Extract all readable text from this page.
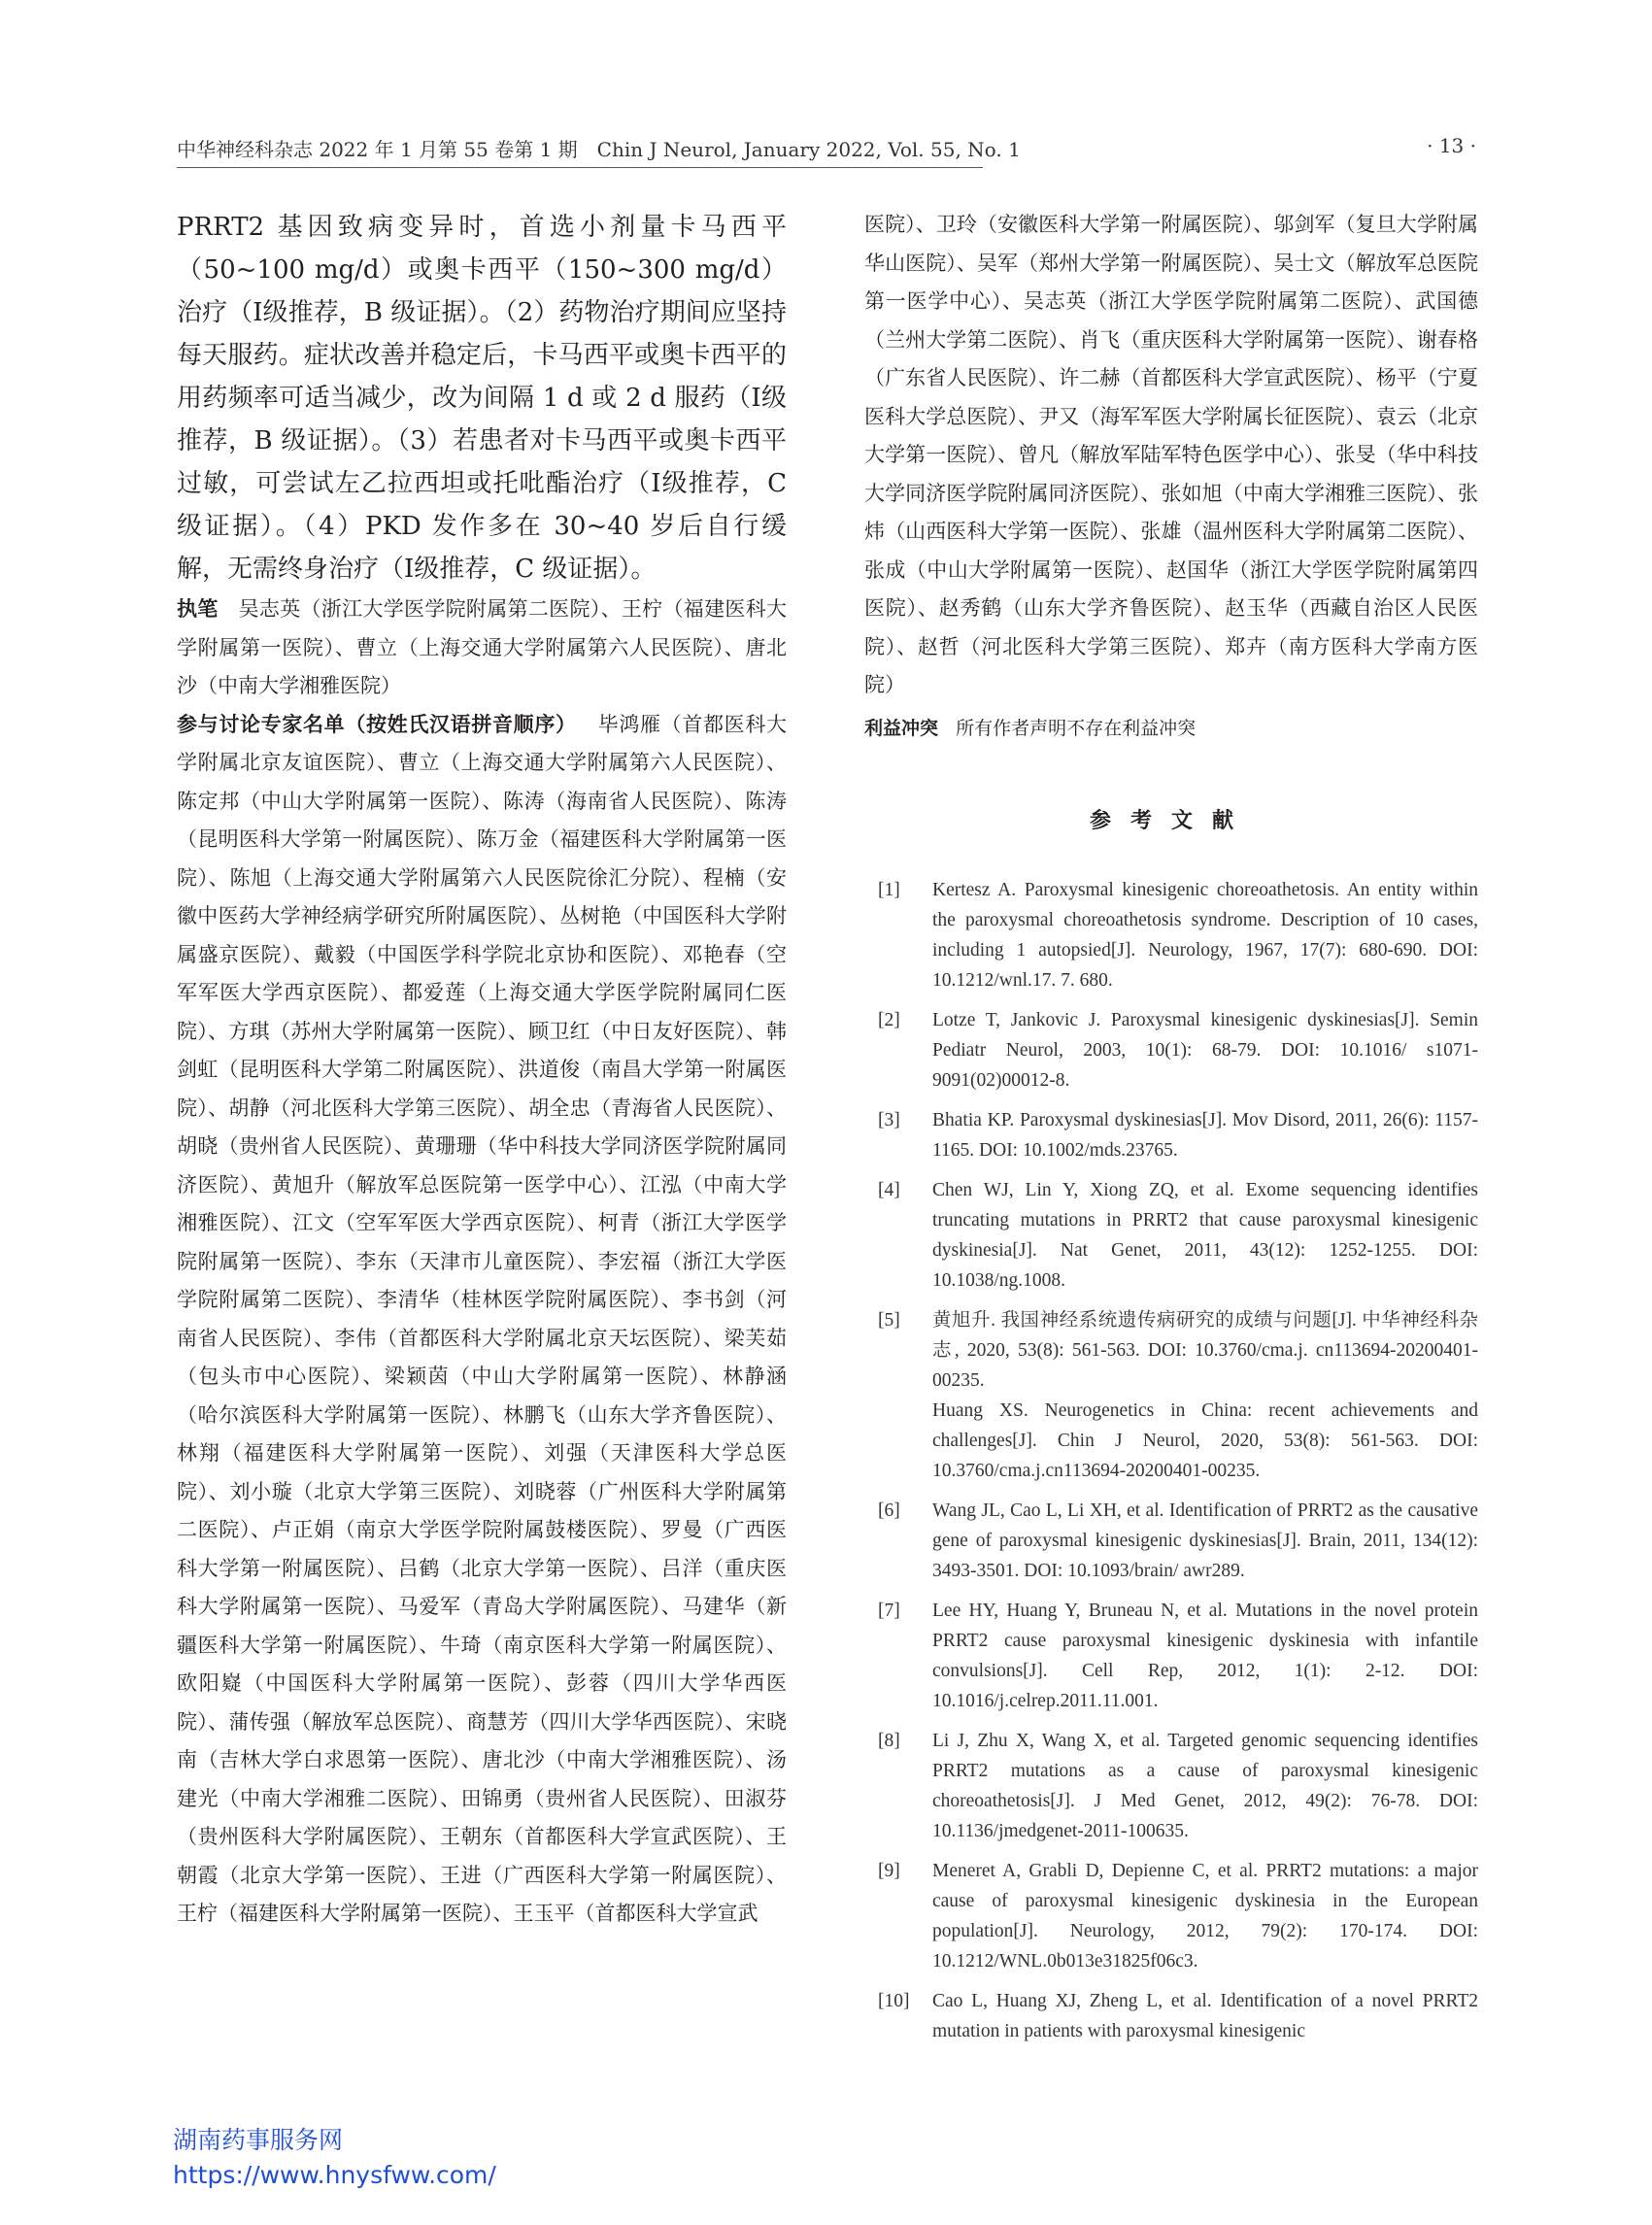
中华神经科杂志 2022 年 1 月第 55 卷第 1 期　Chin J Neurol, January 2022, Vol. 55, No. 1	· 13 ·

PRRT2 基因致病变异时，首选小剂量卡马西平（50~100 mg/d）或奥卡西平（150~300 mg/d）治疗（Ⅰ级推荐，B 级证据）。（2）药物治疗期间应坚持每天服药。症状改善并稳定后，卡马西平或奥卡西平的用药频率可适当减少，改为间隔 1 d 或 2 d 服药（Ⅰ级推荐，B 级证据）。（3）若患者对卡马西平或奥卡西平过敏，可尝试左乙拉西坦或托吡酯治疗（Ⅰ级推荐，C 级证据）。（4）PKD 发作多在 30~40 岁后自行缓解，无需终身治疗（Ⅰ级推荐，C 级证据）。

执笔 吴志英（浙江大学医学院附属第二医院）、王柠（福建医科大学附属第一医院）、曹立（上海交通大学附属第六人民医院）、唐北沙（中南大学湘雅医院）

参与讨论专家名单（按姓氏汉语拼音顺序） 毕鸿雁（首都医科大学附属北京友谊医院）、曹立（上海交通大学附属第六人民医院）、陈定邦（中山大学附属第一医院）、陈涛（海南省人民医院）、陈涛（昆明医科大学第一附属医院）、陈万金（福建医科大学附属第一医院）、陈旭（上海交通大学附属第六人民医院徐汇分院）、程楠（安徽中医药大学神经病学研究所附属医院）、丛树艳（中国医科大学附属盛京医院）、戴毅（中国医学科学院北京协和医院）、邓艳春（空军军医大学西京医院）、都爱莲（上海交通大学医学院附属同仁医院）、方琪（苏州大学附属第一医院）、顾卫红（中日友好医院）、韩剑虹（昆明医科大学第二附属医院）、洪道俊（南昌大学第一附属医院）、胡静（河北医科大学第三医院）、胡全忠（青海省人民医院）、胡晓（贵州省人民医院）、黄珊珊（华中科技大学同济医学院附属同济医院）、黄旭升（解放军总医院第一医学中心）、江泓（中南大学湘雅医院）、江文（空军军医大学西京医院）、柯青（浙江大学医学院附属第一医院）、李东（天津市儿童医院）、李宏福（浙江大学医学院附属第二医院）、李清华（桂林医学院附属医院）、李书剑（河南省人民医院）、李伟（首都医科大学附属北京天坛医院）、梁芙茹（包头市中心医院）、梁颖茵（中山大学附属第一医院）、林静涵（哈尔滨医科大学附属第一医院）、林鹏飞（山东大学齐鲁医院）、林翔（福建医科大学附属第一医院）、刘强（天津医科大学总医院）、刘小璇（北京大学第三医院）、刘晓蓉（广州医科大学附属第二医院）、卢正娟（南京大学医学院附属鼓楼医院）、罗曼（广西医科大学第一附属医院）、吕鹤（北京大学第一医院）、吕洋（重庆医科大学附属第一医院）、马爱军（青岛大学附属医院）、马建华（新疆医科大学第一附属医院）、牛琦（南京医科大学第一附属医院）、欧阳嶷（中国医科大学附属第一医院）、彭蓉（四川大学华西医院）、蒲传强（解放军总医院）、商慧芳（四川大学华西医院）、宋晓南（吉林大学白求恩第一医院）、唐北沙（中南大学湘雅医院）、汤建光（中南大学湘雅二医院）、田锦勇（贵州省人民医院）、田淑芬（贵州医科大学附属医院）、王朝东（首都医科大学宣武医院）、王朝霞（北京大学第一医院）、王进（广西医科大学第一附属医院）、王柠（福建医科大学附属第一医院）、王玉平（首都医科大学宣武

医院）、卫玲（安徽医科大学第一附属医院）、邬剑军（复旦大学附属华山医院）、吴军（郑州大学第一附属医院）、吴士文（解放军总医院第一医学中心）、吴志英（浙江大学医学院附属第二医院）、武国德（兰州大学第二医院）、肖飞（重庆医科大学附属第一医院）、谢春格（广东省人民医院）、许二赫（首都医科大学宣武医院）、杨平（宁夏医科大学总医院）、尹又（海军军医大学附属长征医院）、袁云（北京大学第一医院）、曾凡（解放军陆军特色医学中心）、张旻（华中科技大学同济医学院附属同济医院）、张如旭（中南大学湘雅三医院）、张炜（山西医科大学第一医院）、张雄（温州医科大学附属第二医院）、张成（中山大学附属第一医院）、赵国华（浙江大学医学院附属第四医院）、赵秀鹤（山东大学齐鲁医院）、赵玉华（西藏自治区人民医院）、赵哲（河北医科大学第三医院）、郑卉（南方医科大学南方医院）

利益冲突 所有作者声明不存在利益冲突

参考文献
[1]	Kertesz A. Paroxysmal kinesigenic choreoathetosis. An entity within the paroxysmal choreoathetosis syndrome. Description of 10 cases, including 1 autopsied[J]. Neurology, 1967, 17(7): 680-690. DOI: 10.1212/wnl.17. 7. 680.
[2]	Lotze T, Jankovic J. Paroxysmal kinesigenic dyskinesias[J]. Semin Pediatr Neurol, 2003, 10(1): 68-79. DOI: 10.1016/ s1071-9091(02)00012-8.
[3]	Bhatia KP. Paroxysmal dyskinesias[J]. Mov Disord, 2011, 26(6): 1157-1165. DOI: 10.1002/mds.23765.
[4]	Chen WJ, Lin Y, Xiong ZQ, et al. Exome sequencing identifies truncating mutations in PRRT2 that cause paroxysmal kinesigenic dyskinesia[J]. Nat Genet, 2011, 43(12): 1252-1255. DOI: 10.1038/ng.1008.
[5]	黄旭升. 我国神经系统遗传病研究的成绩与问题[J]. 中华神经科杂志, 2020, 53(8): 561-563. DOI: 10.3760/cma.j. cn113694-20200401-00235.
Huang XS. Neurogenetics in China: recent achievements and challenges[J]. Chin J Neurol, 2020, 53(8): 561-563. DOI: 10.3760/cma.j.cn113694-20200401-00235.
[6]	Wang JL, Cao L, Li XH, et al. Identification of PRRT2 as the causative gene of paroxysmal kinesigenic dyskinesias[J]. Brain, 2011, 134(12): 3493-3501. DOI: 10.1093/brain/ awr289.
[7]	Lee HY, Huang Y, Bruneau N, et al. Mutations in the novel protein PRRT2 cause paroxysmal kinesigenic dyskinesia with infantile convulsions[J]. Cell Rep, 2012, 1(1): 2-12. DOI: 10.1016/j.celrep.2011.11.001.
[8]	Li J, Zhu X, Wang X, et al. Targeted genomic sequencing identifies PRRT2 mutations as a cause of paroxysmal kinesigenic choreoathetosis[J]. J Med Genet, 2012, 49(2): 76-78. DOI: 10.1136/jmedgenet-2011-100635.
[9]	Meneret A, Grabli D, Depienne C, et al. PRRT2 mutations: a major cause of paroxysmal kinesigenic dyskinesia in the European population[J]. Neurology, 2012, 79(2): 170-174. DOI: 10.1212/WNL.0b013e31825f06c3.
[10]	Cao L, Huang XJ, Zheng L, et al. Identification of a novel PRRT2 mutation in patients with paroxysmal kinesigenic
湖南药事服务网
https://www.hnysfww.com/
